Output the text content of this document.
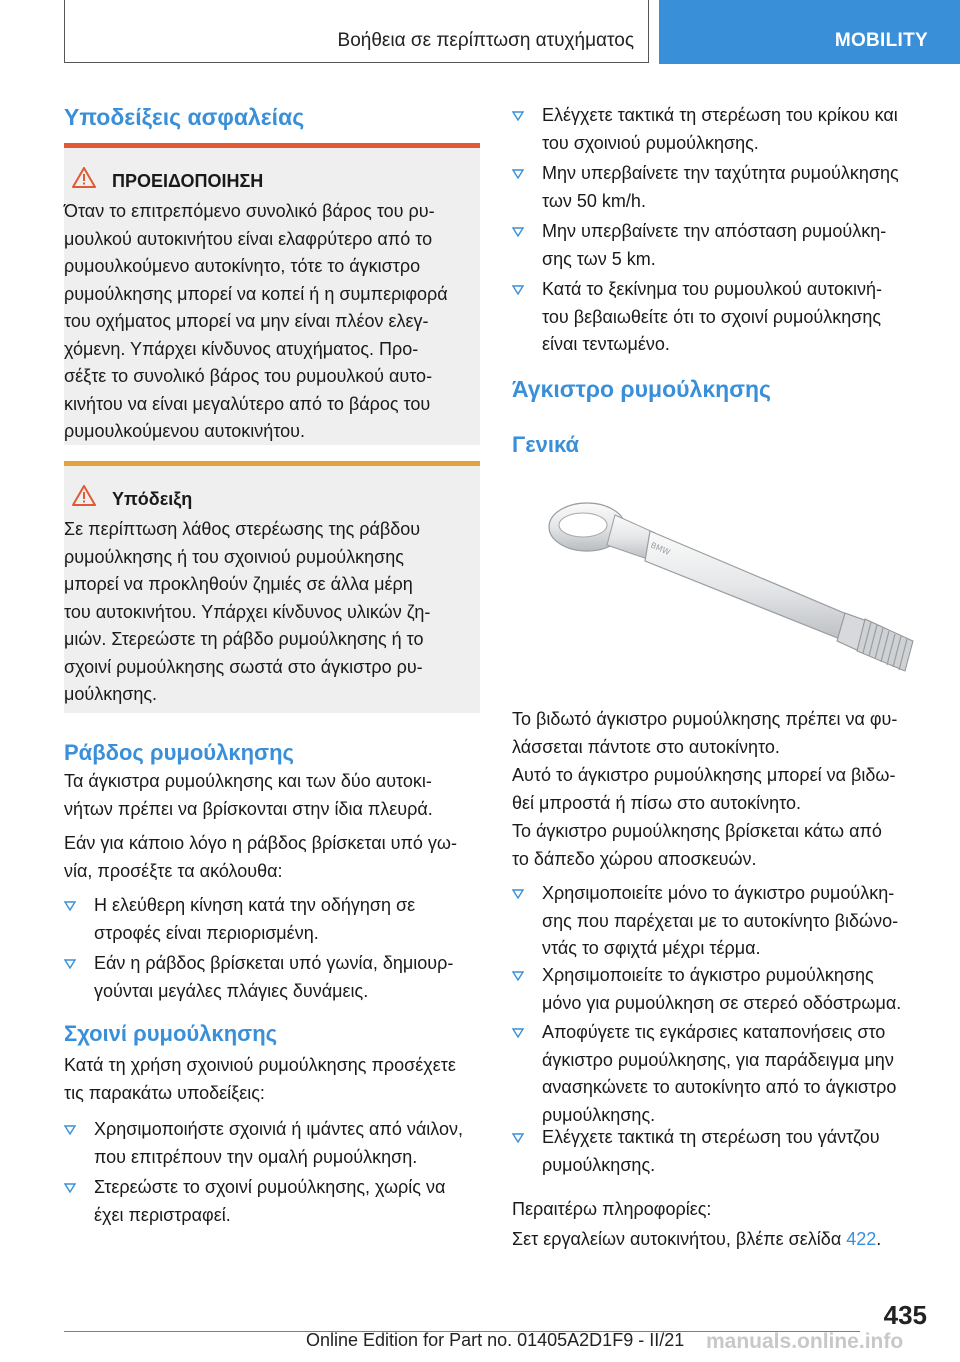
Βοήθεια σε περίπτωση ατυχήματος	MOBILITY
Υποδείξεις ασφαλείας
ΠΡΟΕΙΔΟΠΟΙΗΣΗ
Όταν το επιτρεπόμενο συνολικό βάρος του ρυ-
μουλκού αυτοκινήτου είναι ελαφρύτερο από το
ρυμουλκούμενο αυτοκίνητο, τότε το άγκιστρο
ρυμούλκησης μπορεί να κοπεί ή η συμπεριφορά
του οχήματος μπορεί να μην είναι πλέον ελεγ-
χόμενη. Υπάρχει κίνδυνος ατυχήματος. Προ-
σέξτε το συνολικό βάρος του ρυμουλκού αυτο-
κινήτου να είναι μεγαλύτερο από το βάρος του
ρυμουλκούμενου αυτοκινήτου.
Υπόδειξη
Σε περίπτωση λάθος στερέωσης της ράβδου
ρυμούλκησης ή του σχοινιού ρυμούλκησης
μπορεί να προκληθούν ζημιές σε άλλα μέρη
του αυτοκινήτου. Υπάρχει κίνδυνος υλικών ζη-
μιών. Στερεώστε τη ράβδο ρυμούλκησης ή το
σχοινί ρυμούλκησης σωστά στο άγκιστρο ρυ-
μούλκησης.
Ράβδος ρυμούλκησης
Τα άγκιστρα ρυμούλκησης και των δύο αυτοκι-
νήτων πρέπει να βρίσκονται στην ίδια πλευρά.
Εάν για κάποιο λόγο η ράβδος βρίσκεται υπό γω-
νία, προσέξτε τα ακόλουθα:
Η ελεύθερη κίνηση κατά την οδήγηση σε
στροφές είναι περιορισμένη.
Εάν η ράβδος βρίσκεται υπό γωνία, δημιουρ-
γούνται μεγάλες πλάγιες δυνάμεις.
Σχοινί ρυμούλκησης
Κατά τη χρήση σχοινιού ρυμούλκησης προσέχετε
τις παρακάτω υποδείξεις:
Χρησιμοποιήστε σχοινιά ή ιμάντες από νάιλον,
που επιτρέπουν την ομαλή ρυμούλκηση.
Στερεώστε το σχοινί ρυμούλκησης, χωρίς να
έχει περιστραφεί.
Ελέγχετε τακτικά τη στερέωση του κρίκου και
του σχοινιού ρυμούλκησης.
Μην υπερβαίνετε την ταχύτητα ρυμούλκησης
των 50 km/h.
Μην υπερβαίνετε την απόσταση ρυμούλκη-
σης των 5 km.
Κατά το ξεκίνημα του ρυμουλκού αυτοκινή-
του βεβαιωθείτε ότι το σχοινί ρυμούλκησης
είναι τεντωμένο.
Άγκιστρο ρυμούλκησης
Γενικά
BMW
Το βιδωτό άγκιστρο ρυμούλκησης πρέπει να φυ-
λάσσεται πάντοτε στο αυτοκίνητο.
Αυτό το άγκιστρο ρυμούλκησης μπορεί να βιδω-
θεί μπροστά ή πίσω στο αυτοκίνητο.
Το άγκιστρο ρυμούλκησης βρίσκεται κάτω από
το δάπεδο χώρου αποσκευών.
Χρησιμοποιείτε μόνο το άγκιστρο ρυμούλκη-
σης που παρέχεται με το αυτοκίνητο βιδώνο-
ντάς το σφιχτά μέχρι τέρμα.
Χρησιμοποιείτε το άγκιστρο ρυμούλκησης
μόνο για ρυμούλκηση σε στερεό οδόστρωμα.
Αποφύγετε τις εγκάρσιες καταπονήσεις στο
άγκιστρο ρυμούλκησης, για παράδειγμα μην
ανασηκώνετε το αυτοκίνητο από το άγκιστρο
ρυμούλκησης.
Ελέγχετε τακτικά τη στερέωση του γάντζου
ρυμούλκησης.
Περαιτέρω πληροφορίες:
Σετ εργαλείων αυτοκινήτου, βλέπε σελίδα 422.
435
Online Edition for Part no. 01405A2D1F9 - II/21 manuals.online.info
